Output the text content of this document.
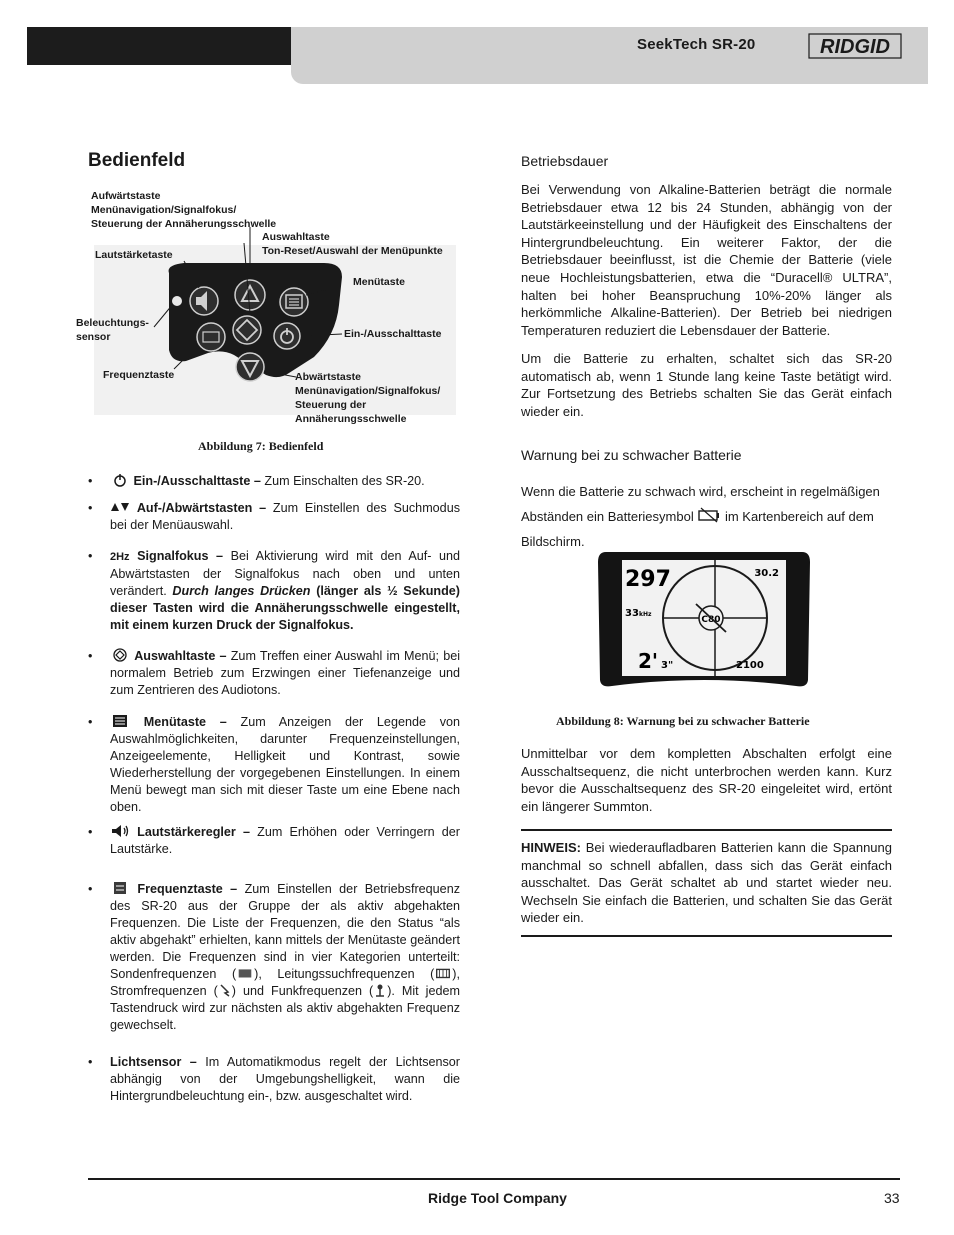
SeekTech SR-20	RIDGID
Bedienfeld
Aufwärtstaste
Menünavigation/Signalfokus/
Steuerung der Annäherungsschwelle
Auswahltaste
Ton-Reset/Auswahl der Menüpunkte
Lautstärketaste
Menütaste
Beleuchtungs-
sensor	Ein-/Ausschalttaste
Frequenztaste	Abwärtstaste
Menünavigation/Signalfokus/
Steuerung der
Annäherungsschwelle
Abbildung 7: Bedienfeld
•	Ein-/Ausschalttaste – Zum Einschalten des SR-20.
•	Auf-/Abwärtstasten – Zum Einstellen des Suchmodus bei der Menüauswahl.
• 2Hz Signalfokus – Bei Aktivierung wird mit den Auf- und Abwärtstasten der Signalfokus nach oben und unten verändert. Durch langes Drücken (länger als ½ Sekunde) dieser Tasten wird die Annäherungsschwelle eingestellt, mit einem kurzen Druck der Signalfokus.
•	Auswahltaste – Zum Treffen einer Auswahl im Menü; bei normalem Betrieb zum Erzwingen einer Tiefenanzeige und zum Zentrieren des Audiotons.
•	Menütaste – Zum Anzeigen der Legende von Auswahlmöglichkeiten, darunter Frequenzeinstellungen, Anzeigeelemente, Helligkeit und Kontrast, sowie Wiederherstellung der vorgegebenen Einstellungen. In einem Menü bewegt man sich mit dieser Taste um eine Ebene nach oben.
•	Lautstärkeregler – Zum Erhöhen oder Verringern der Lautstärke.
•	Frequenztaste – Zum Einstellen der Betriebsfrequenz des SR-20 aus der Gruppe der als aktiv abgehakten Frequenzen. Die Liste der Frequenzen, die den Status “als aktiv abgehakt” erhielten, kann mittels der Menütaste geändert werden. Die Frequenzen sind in vier Kategorien unterteilt: Sondenfrequenzen ( ), Leitungssuchfrequenzen ( ), Stromfrequenzen ( ) und Funkfrequenzen ( ). Mit jedem Tastendruck wird zur nächsten als aktiv abgehakten Frequenz gewechselt.
• Lichtsensor – Im Automatikmodus regelt der Lichtsensor abhängig von der Umgebungshelligkeit, wann die Hintergrundbeleuchtung ein-, bzw. ausgeschaltet wird.
Betriebsdauer
Bei Verwendung von Alkaline-Batterien beträgt die normale Betriebsdauer etwa 12 bis 24 Stunden, abhängig von der Lautstärkeeinstellung und der Häufigkeit des Einschaltens der Hintergrundbeleuchtung. Ein weiterer Faktor, der die Betriebsdauer beeinflusst, ist die Chemie der Batterie (viele neue Hochleistungsbatterien, etwa die “Duracell® ULTRA”, halten bei hoher Beanspruchung 10%-20% länger als herkömmliche Alkaline-Batterien). Der Betrieb bei niedrigen Temperaturen reduziert die Lebensdauer der Batterie.
Um die Batterie zu erhalten, schaltet sich das SR-20 automatisch ab, wenn 1 Stunde lang keine Taste betätigt wird. Zur Fortsetzung des Betriebs schalten Sie das Gerät einfach wieder ein.
Warnung bei zu schwacher Batterie
Wenn die Batterie zu schwach wird, erscheint in regelmäßigen Abständen ein Batteriesymbol  im Kartenbereich auf dem Bildschirm.
C80
297	30.2
33 kHz
2' 3"	2100
Abbildung 8: Warnung bei zu schwacher Batterie
Unmittelbar vor dem kompletten Abschalten erfolgt eine Ausschaltsequenz, die nicht unterbrochen werden kann. Kurz bevor die Ausschaltsequenz des SR-20 eingeleitet wird, ertönt ein längerer Summton.
HINWEIS: Bei wiederaufladbaren Batterien kann die Spannung manchmal so schnell abfallen, dass sich das Gerät einfach ausschaltet. Das Gerät schaltet ab und startet wieder neu. Wechseln Sie einfach die Batterien, und schalten Sie das Gerät wieder ein.
Ridge Tool Company	33
